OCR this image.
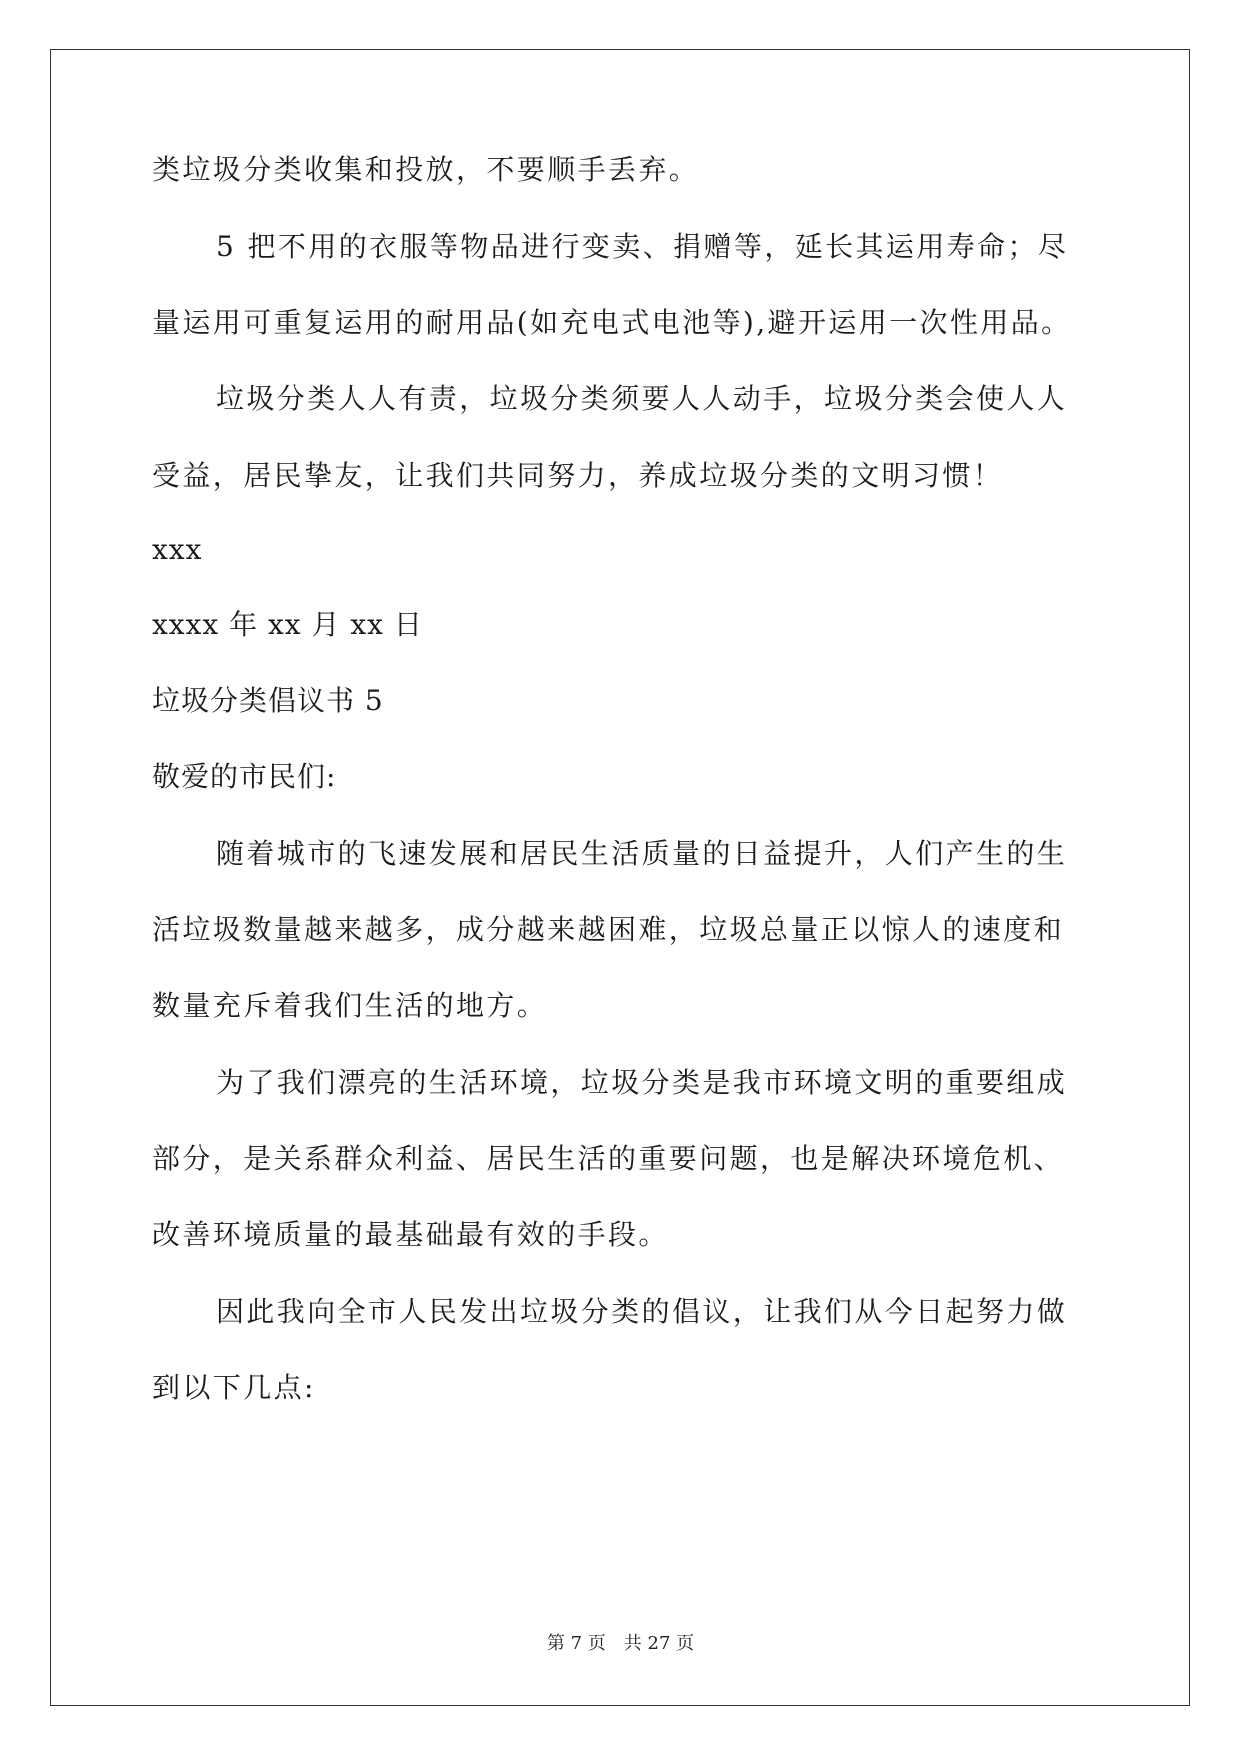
类垃圾分类收集和投放，不要顺手丢弃。
5 把不用的衣服等物品进行变卖、捐赠等，延长其运用寿命；尽
量运用可重复运用的耐用品(如充电式电池等),避开运用一次性用品。
垃圾分类人人有责，垃圾分类须要人人动手，垃圾分类会使人人
受益，居民挚友，让我们共同努力，养成垃圾分类的文明习惯！
xxx
xxxx 年 xx 月 xx 日
垃圾分类倡议书 5
敬爱的市民们:
随着城市的飞速发展和居民生活质量的日益提升，人们产生的生
活垃圾数量越来越多，成分越来越困难，垃圾总量正以惊人的速度和
数量充斥着我们生活的地方。
为了我们漂亮的生活环境，垃圾分类是我市环境文明的重要组成
部分，是关系群众利益、居民生活的重要问题，也是解决环境危机、
改善环境质量的最基础最有效的手段。
因此我向全市人民发出垃圾分类的倡议，让我们从今日起努力做
到以下几点:
第 7 页　共 27 页
